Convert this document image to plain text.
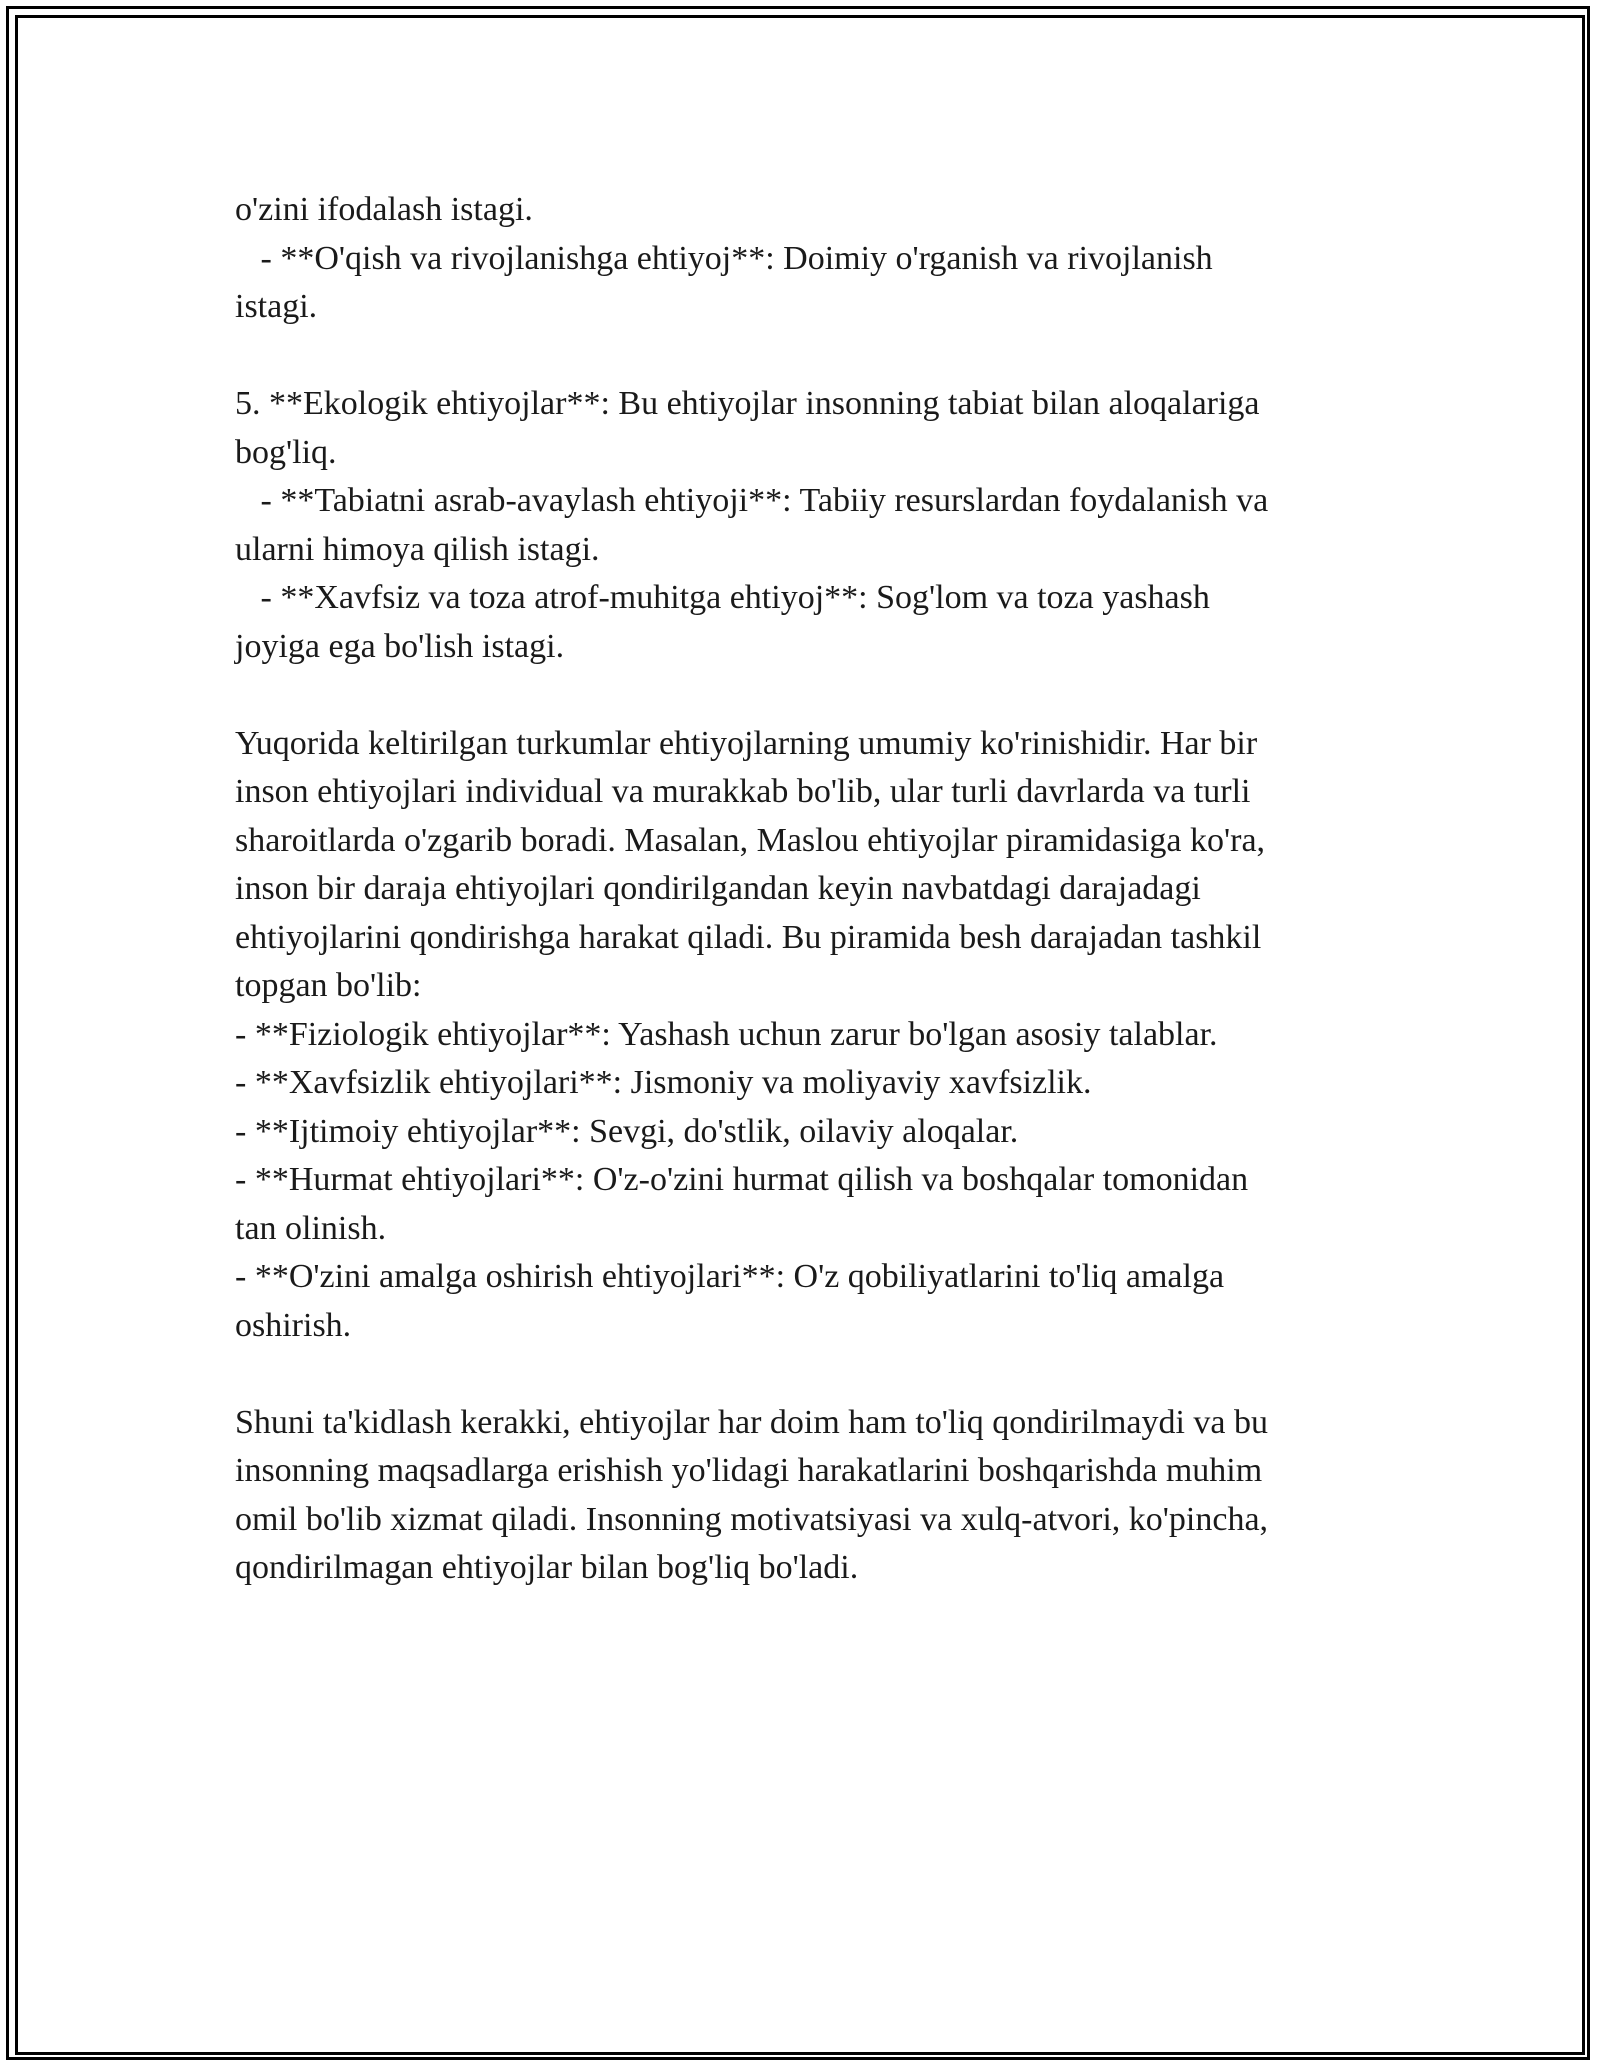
o'zini ifodalash istagi.
- **O'qish va rivojlanishga ehtiyoj**: Doimiy o'rganish va rivojlanish
istagi.
5. **Ekologik ehtiyojlar**: Bu ehtiyojlar insonning tabiat bilan aloqalariga
bog'liq.
- **Tabiatni asrab-avaylash ehtiyoji**: Tabiiy resurslardan foydalanish va
ularni himoya qilish istagi.
- **Xavfsiz va toza atrof-muhitga ehtiyoj**: Sog'lom va toza yashash
joyiga ega bo'lish istagi.
Yuqorida keltirilgan turkumlar ehtiyojlarning umumiy ko'rinishidir. Har bir
inson ehtiyojlari individual va murakkab bo'lib, ular turli davrlarda va turli
sharoitlarda o'zgarib boradi. Masalan, Maslou ehtiyojlar piramidasiga ko'ra,
inson bir daraja ehtiyojlari qondirilgandan keyin navbatdagi darajadagi
ehtiyojlarini qondirishga harakat qiladi. Bu piramida besh darajadan tashkil
topgan bo'lib:
- **Fiziologik ehtiyojlar**: Yashash uchun zarur bo'lgan asosiy talablar.
- **Xavfsizlik ehtiyojlari**: Jismoniy va moliyaviy xavfsizlik.
- **Ijtimoiy ehtiyojlar**: Sevgi, do'stlik, oilaviy aloqalar.
- **Hurmat ehtiyojlari**: O'z-o'zini hurmat qilish va boshqalar tomonidan
tan olinish.
- **O'zini amalga oshirish ehtiyojlari**: O'z qobiliyatlarini to'liq amalga
oshirish.
Shuni ta'kidlash kerakki, ehtiyojlar har doim ham to'liq qondirilmaydi va bu
insonning maqsadlarga erishish yo'lidagi harakatlarini boshqarishda muhim
omil bo'lib xizmat qiladi. Insonning motivatsiyasi va xulq-atvori, ko'pincha,
qondirilmagan ehtiyojlar bilan bog'liq bo'ladi.
